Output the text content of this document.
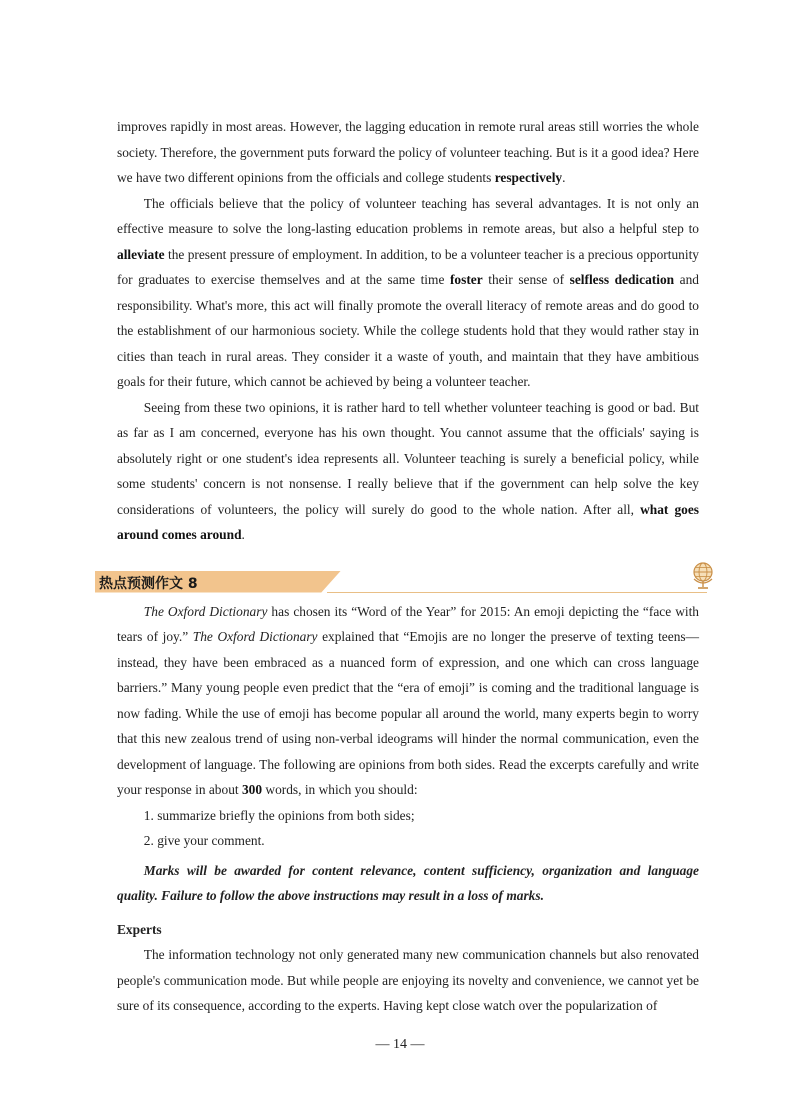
improves rapidly in most areas. However, the lagging education in remote rural areas still worries the whole society. Therefore, the government puts forward the policy of volunteer teaching. But is it a good idea? Here we have two different opinions from the officials and college students respectively.

The officials believe that the policy of volunteer teaching has several advantages. It is not only an effective measure to solve the long-lasting education problems in remote areas, but also a helpful step to alleviate the present pressure of employment. In addition, to be a volunteer teacher is a precious opportunity for graduates to exercise themselves and at the same time foster their sense of selfless dedication and responsibility. What's more, this act will finally promote the overall literacy of remote areas and do good to the establishment of our harmonious society. While the college students hold that they would rather stay in cities than teach in rural areas. They consider it a waste of youth, and maintain that they have ambitious goals for their future, which cannot be achieved by being a volunteer teacher.

Seeing from these two opinions, it is rather hard to tell whether volunteer teaching is good or bad. But as far as I am concerned, everyone has his own thought. You cannot assume that the officials' saying is absolutely right or one student's idea represents all. Volunteer teaching is surely a beneficial policy, while some students' concern is not nonsense. I really believe that if the government can help solve the key considerations of volunteers, the policy will surely do good to the whole nation. After all, what goes around comes around.

热点预测作文 8

The Oxford Dictionary has chosen its “Word of the Year” for 2015: An emoji depicting the “face with tears of joy.” The Oxford Dictionary explained that “Emojis are no longer the preserve of texting teens—instead, they have been embraced as a nuanced form of expression, and one which can cross language barriers.” Many young people even predict that the “era of emoji” is coming and the traditional language is now fading. While the use of emoji has become popular all around the world, many experts begin to worry that this new zealous trend of using non-verbal ideograms will hinder the normal communication, even the development of language. The following are opinions from both sides. Read the excerpts carefully and write your response in about 300 words, in which you should:

1. summarize briefly the opinions from both sides;

2. give your comment.

Marks will be awarded for content relevance, content sufficiency, organization and language quality. Failure to follow the above instructions may result in a loss of marks.

Experts

The information technology not only generated many new communication channels but also renovated people's communication mode. But while people are enjoying its novelty and convenience, we cannot yet be sure of its consequence, according to the experts. Having kept close watch over the popularization of

— 14 —
